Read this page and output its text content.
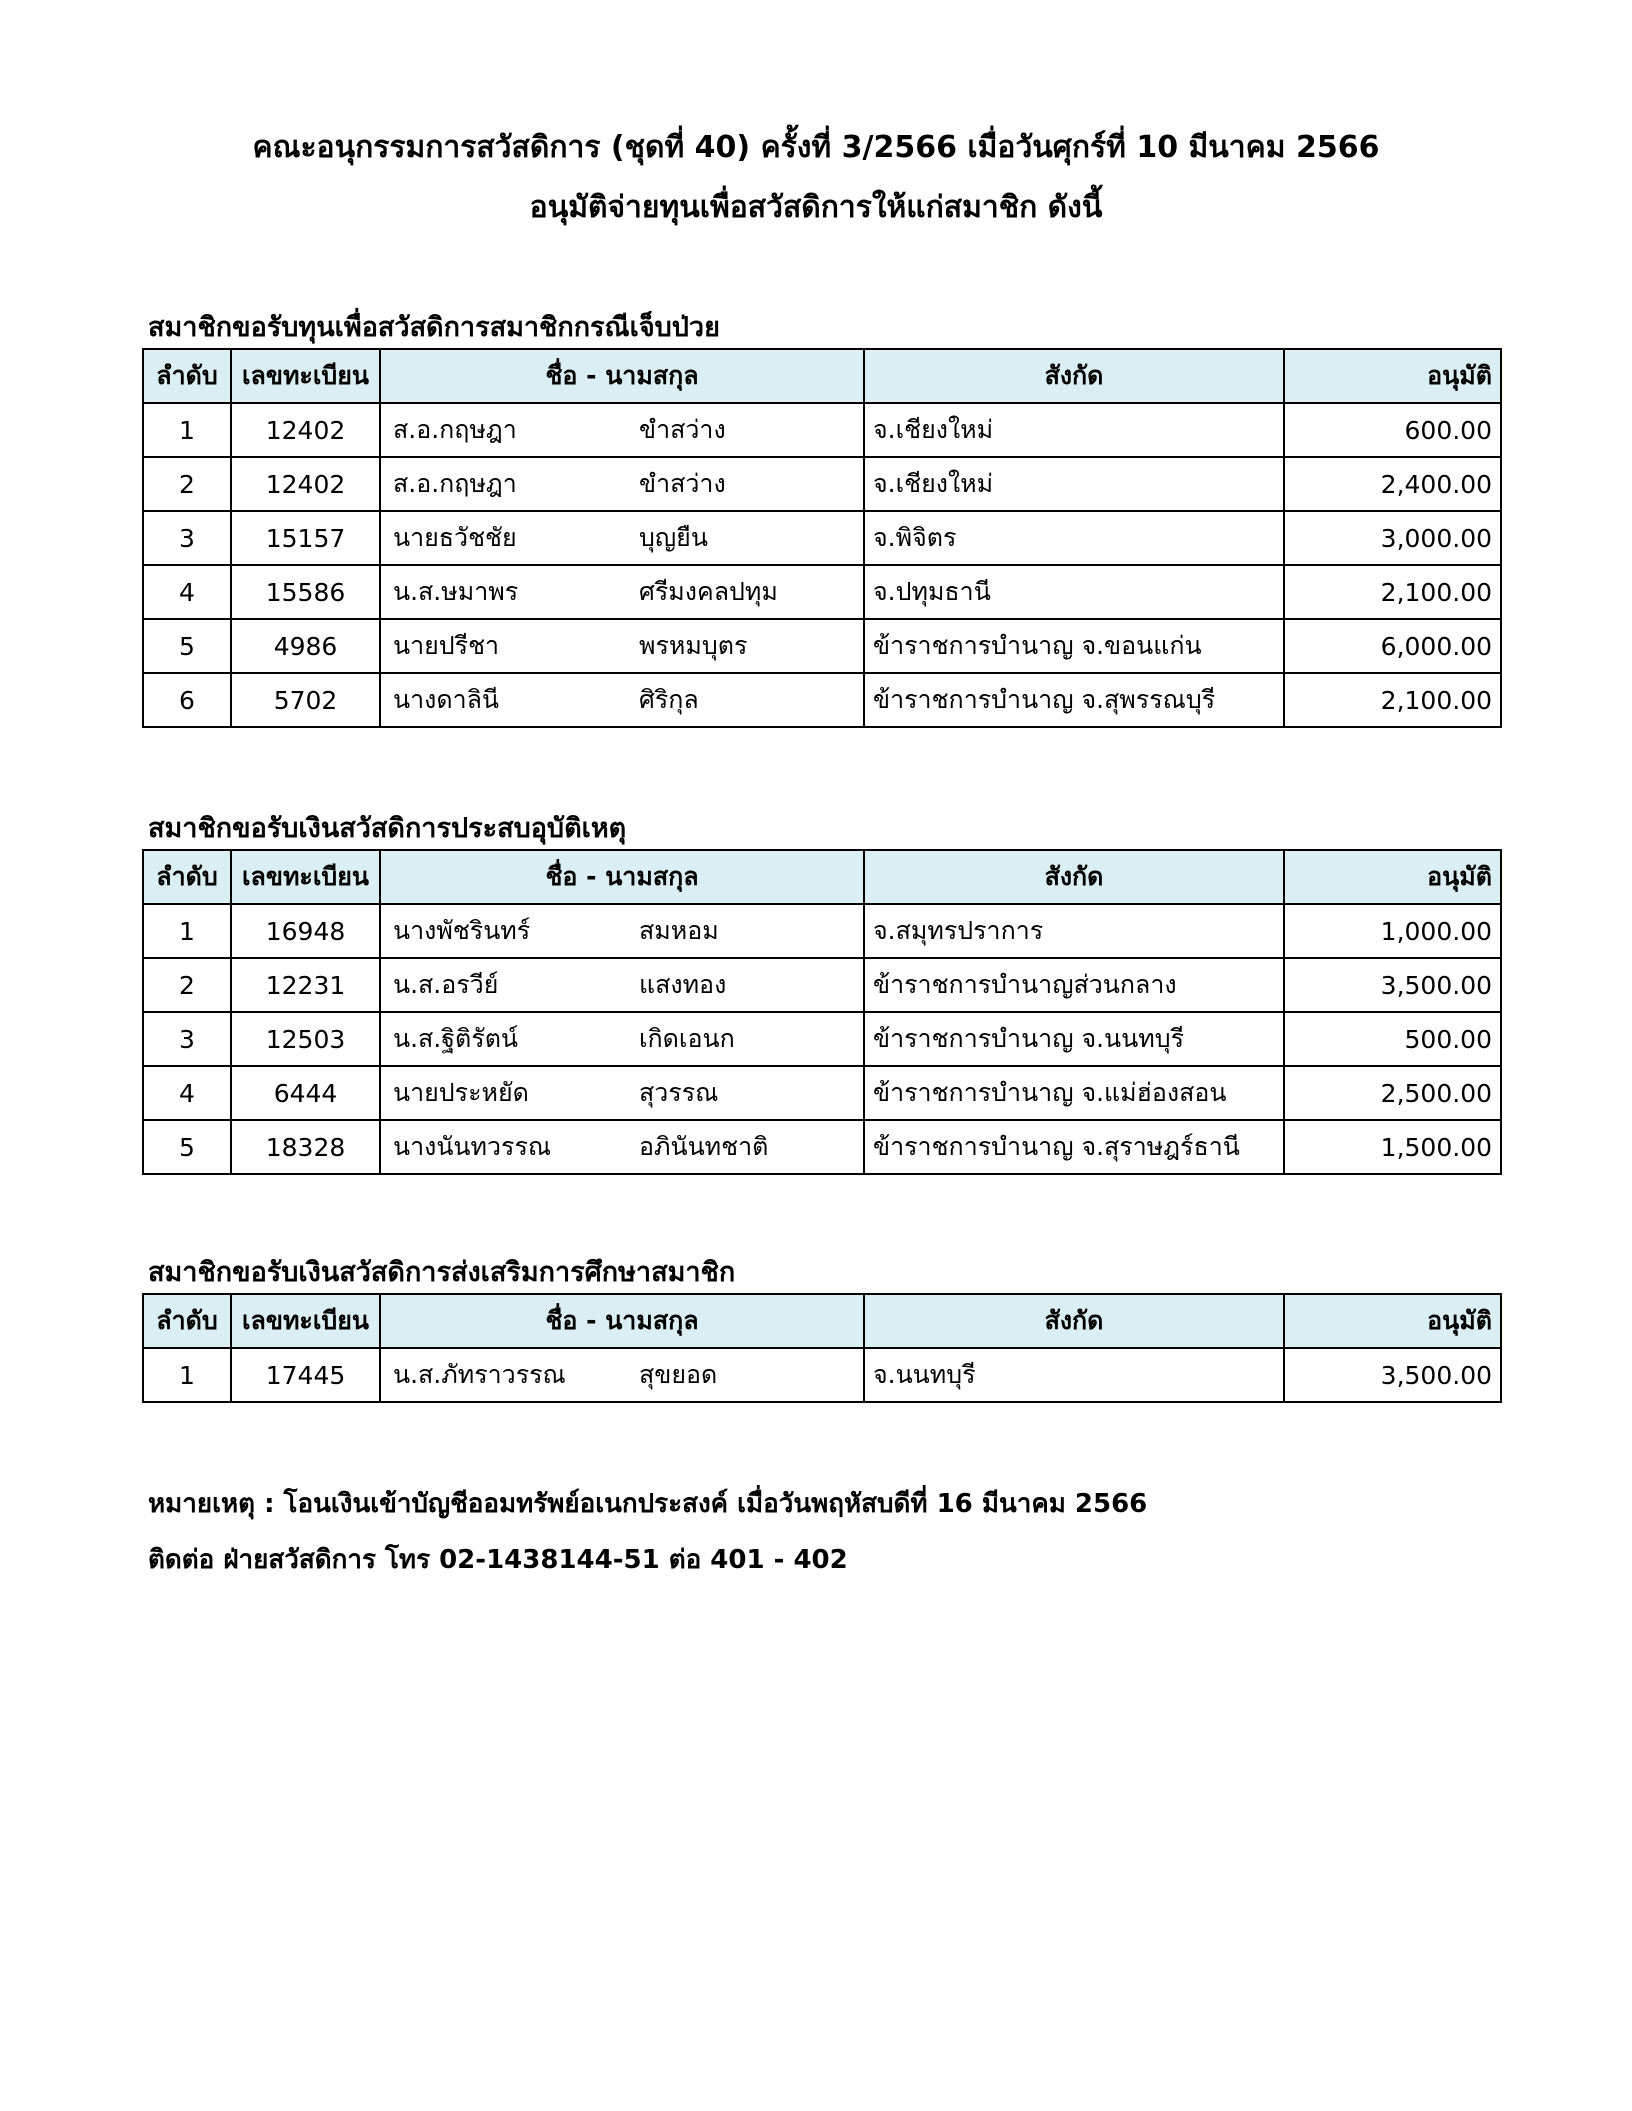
คณะอนุกรรมการสวัสดิการ (ชุดที่ 40) ครั้งที่ 3/2566 เมื่อวันศุกร์ที่ 10 มีนาคม 2566
อนุมัติจ่ายทุนเพื่อสวัสดิการให้แก่สมาชิก ดังนี้
สมาชิกขอรับทุนเพื่อสวัสดิการสมาชิกกรณีเจ็บป่วย
ลำดับ	เลขทะเบียน	ชื่อ - นามสกุล	สังกัด	อนุมัติ
1	12402	ส.อ.กฤษฎา ขำสว่าง	จ.เชียงใหม่	600.00
2	12402	ส.อ.กฤษฎา ขำสว่าง	จ.เชียงใหม่	2,400.00
3	15157	นายธวัชชัย บุญยืน	จ.พิจิตร	3,000.00
4	15586	น.ส.ษมาพร ศรีมงคลปทุม	จ.ปทุมธานี	2,100.00
5	4986	นายปรีชา พรหมบุตร	ข้าราชการบำนาญ จ.ขอนแก่น	6,000.00
6	5702	นางดาลินี ศิริกุล	ข้าราชการบำนาญ จ.สุพรรณบุรี	2,100.00
สมาชิกขอรับเงินสวัสดิการประสบอุบัติเหตุ
ลำดับ	เลขทะเบียน	ชื่อ - นามสกุล	สังกัด	อนุมัติ
1	16948	นางพัชรินทร์ สมหอม	จ.สมุทรปราการ	1,000.00
2	12231	น.ส.อรวีย์ แสงทอง	ข้าราชการบำนาญส่วนกลาง	3,500.00
3	12503	น.ส.ฐิติรัตน์ เกิดเอนก	ข้าราชการบำนาญ จ.นนทบุรี	500.00
4	6444	นายประหยัด สุวรรณ	ข้าราชการบำนาญ จ.แม่ฮ่องสอน	2,500.00
5	18328	นางนันทวรรณ อภินันทชาติ	ข้าราชการบำนาญ จ.สุราษฎร์ธานี	1,500.00
สมาชิกขอรับเงินสวัสดิการส่งเสริมการศึกษาสมาชิก
ลำดับ	เลขทะเบียน	ชื่อ - นามสกุล	สังกัด	อนุมัติ
1	17445	น.ส.ภัทราวรรณ สุขยอด	จ.นนทบุรี	3,500.00
หมายเหตุ : โอนเงินเข้าบัญชีออมทรัพย์อเนกประสงค์ เมื่อวันพฤหัสบดีที่ 16 มีนาคม 2566
ติดต่อ ฝ่ายสวัสดิการ โทร 02-1438144-51 ต่อ 401 - 402
